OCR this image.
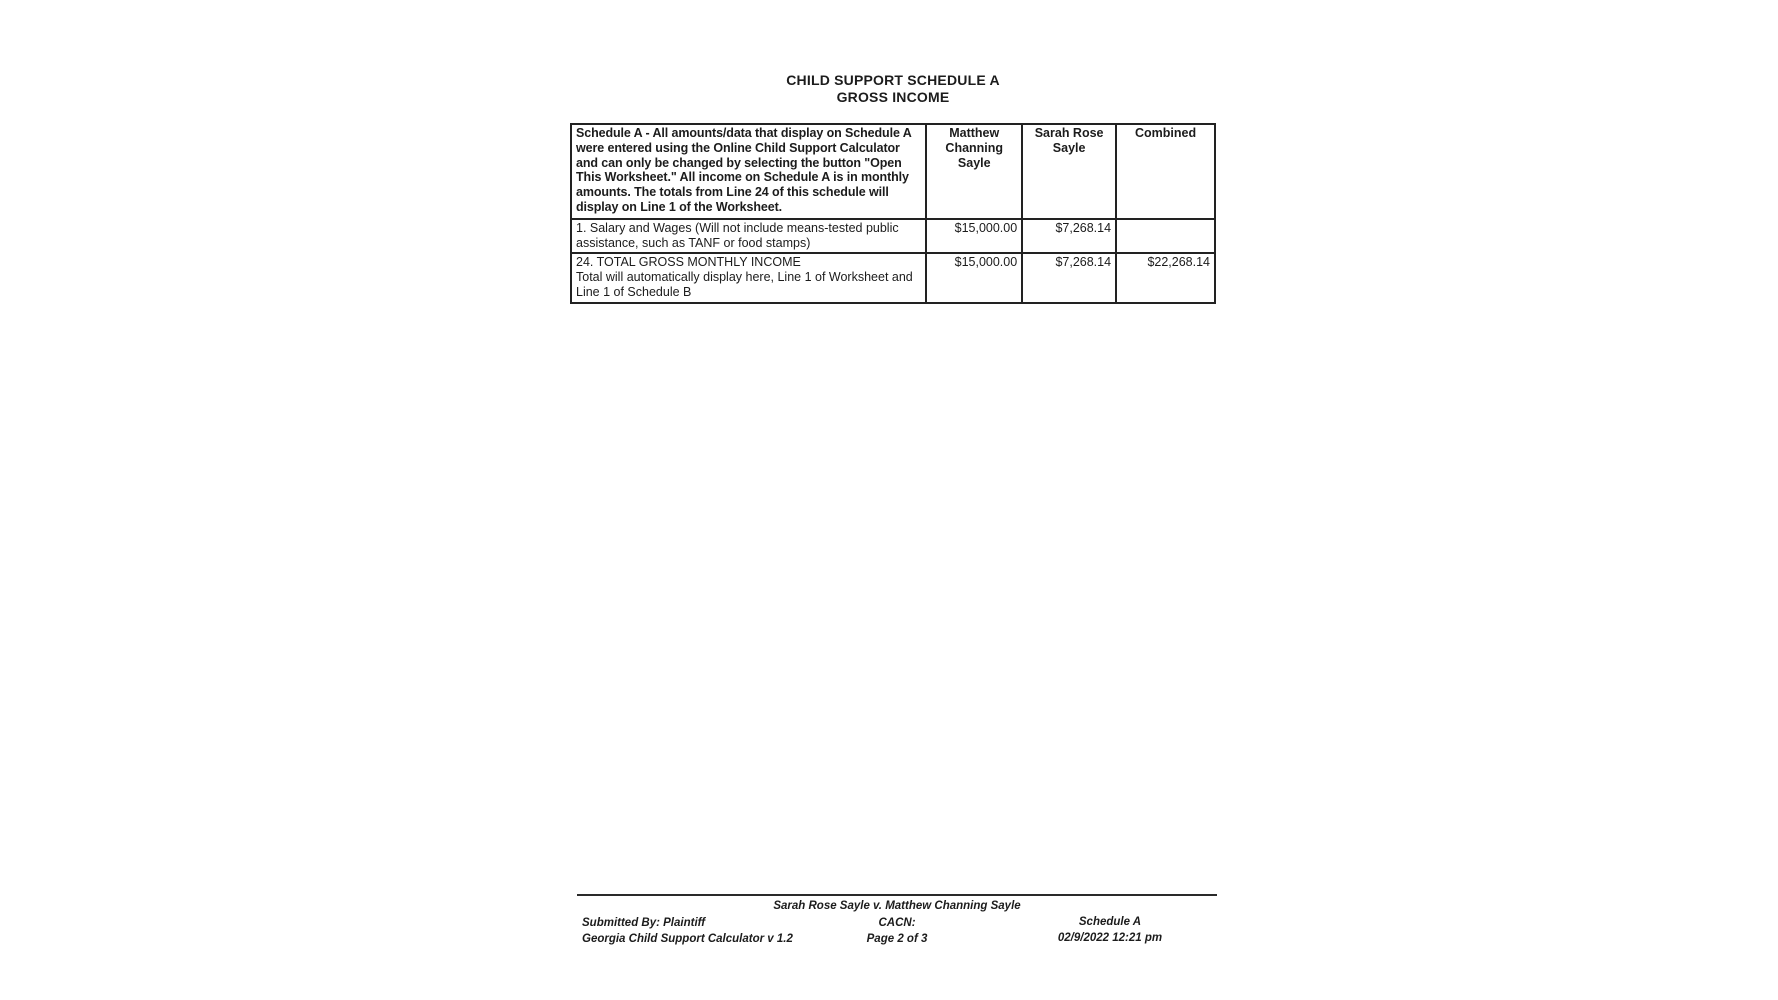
CHILD SUPPORT SCHEDULE A
GROSS INCOME
Schedule A - All amounts/data that display on Schedule A were entered using the Online Child Support Calculator and can only be changed by selecting the button "Open This Worksheet." All income on Schedule A is in monthly amounts. The totals from Line 24 of this schedule will display on Line 1 of the Worksheet.	Matthew Channing Sayle	Sarah Rose Sayle	Combined

1. Salary and Wages (Will not include means-tested public assistance, such as TANF or food stamps)	$15,000.00	$7,268.14	

24. TOTAL GROSS MONTHLY INCOME
Total will automatically display here, Line 1 of Worksheet and Line 1 of Schedule B	$15,000.00	$7,268.14	$22,268.14
Sarah Rose Sayle v. Matthew Channing Sayle
Submitted By: Plaintiff	CACN:	Schedule A
Georgia Child Support Calculator v 1.2	Page 2 of 3	02/9/2022 12:21 pm
